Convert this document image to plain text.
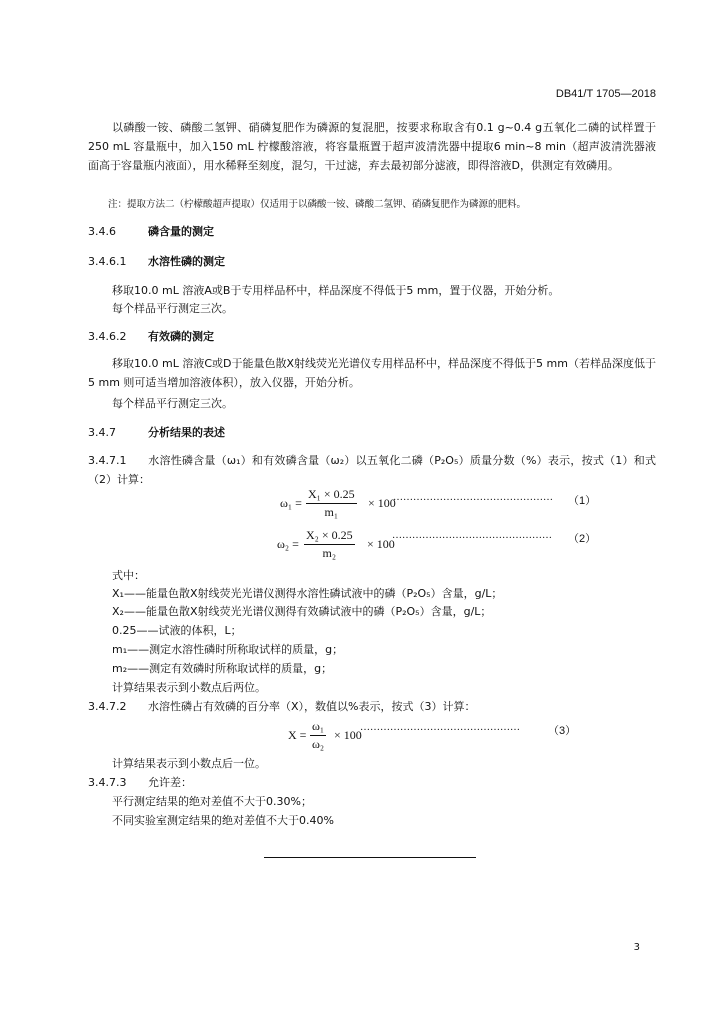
DB41/T 1705—2018
以磷酸一铵、磷酸二氢钾、硝磷复肥作为磷源的复混肥，按要求称取含有0.1 g~0.4 g五氧化二磷的试样置于250 mL 容量瓶中，加入150 mL 柠檬酸溶液，将容量瓶置于超声波清洗器中提取6 min~8 min（超声波清洗器液面高于容量瓶内液面），用水稀释至刻度，混匀，干过滤，弃去最初部分滤液，即得溶液D，供测定有效磷用。
注：提取方法二（柠檬酸超声提取）仅适用于以磷酸一铵、磷酸二氢钾、硝磷复肥作为磷源的肥料。
3.4.6	磷含量的测定
3.4.6.1 水溶性磷的测定
移取10.0 mL 溶液A或B于专用样品杯中，样品深度不得低于5 mm，置于仪器，开始分析。
每个样品平行测定三次。
3.4.6.2 有效磷的测定
移取10.0 mL 溶液C或D于能量色散X射线荧光光谱仪专用样品杯中，样品深度不得低于5 mm（若样品深度低于5 mm 则可适当增加溶液体积），放入仪器，开始分析。
每个样品平行测定三次。
3.4.7	分析结果的表述
3.4.7.1 水溶性磷含量（ω₁）和有效磷含量（ω₂）以五氧化二磷（P₂O₅）质量分数（%）表示，按式（1）和式（2）计算：
$\omega_1 = \frac{\text{X₁ × 0.25}}{\text{m₁}} \times 100$
………………………………………… （1）
$\omega_2 = \frac{\text{X₂ × 0.25}}{\text{m₂}} \times 100$
………………………………………… （2）
式中：
X₁——能量色散X射线荧光光谱仪测得水溶性磷试液中的磷（P₂O₅）含量，g/L；
X₂——能量色散X射线荧光光谱仪测得有效磷试液中的磷（P₂O₅）含量，g/L；
0.25——试液的体积，L；
m₁——测定水溶性磷时所称取试样的质量，g；
m₂——测定有效磷时所称取试样的质量，g；
计算结果表示到小数点后两位。
3.4.7.2 水溶性磷占有效磷的百分率（X），数值以%表示，按式（3）计算：
$X = \frac{\text{ω₁}}{\text{ω₂}} \times 100$
…………………………………………	（3）
计算结果表示到小数点后一位。
3.4.7.3 允许差：
平行测定结果的绝对差值不大于0.30%；
不同实验室测定结果的绝对差值不大于0.40%
3
